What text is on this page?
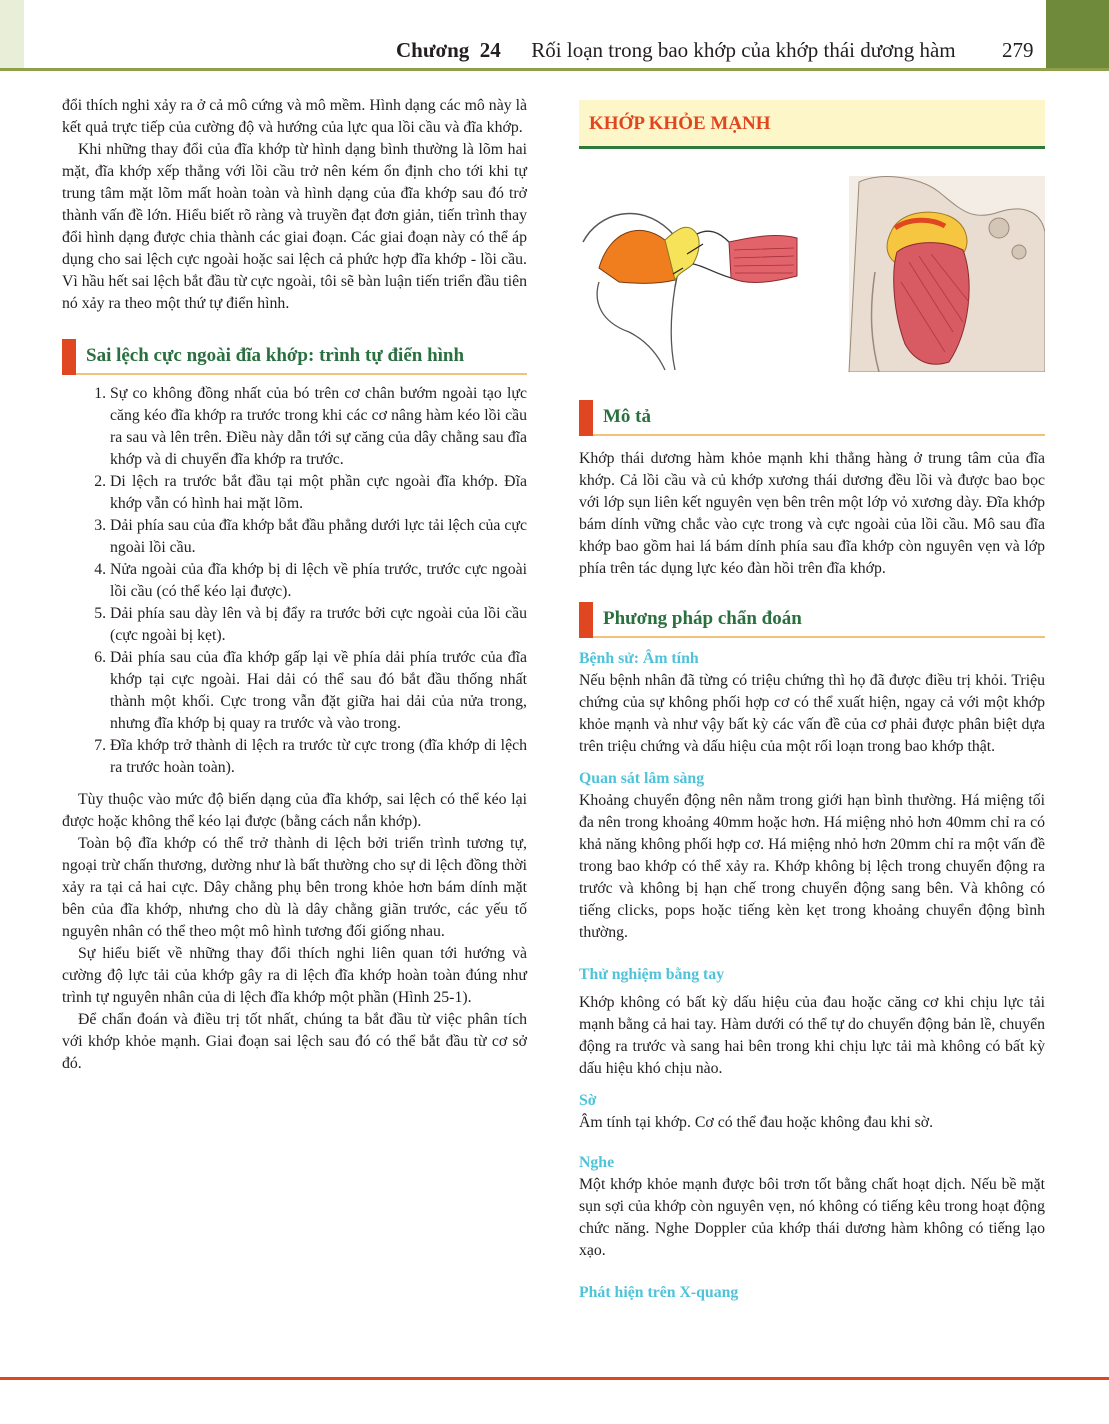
Chương 24 Rối loạn trong bao khớp của khớp thái dương hàm 279

đổi thích nghi xảy ra ở cả mô cứng và mô mềm. Hình dạng các mô này là kết quả trực tiếp của cường độ và hướng của lực qua lồi cầu và đĩa khớp.

Khi những thay đổi của đĩa khớp từ hình dạng bình thường là lõm hai mặt, đĩa khớp xếp thẳng với lồi cầu trở nên kém ổn định cho tới khi tự trung tâm mặt lõm mất hoàn toàn và hình dạng của đĩa khớp sau đó trở thành vấn đề lớn. Hiểu biết rõ ràng và truyền đạt đơn giản, tiến trình thay đổi hình dạng được chia thành các giai đoạn. Các giai đoạn này có thể áp dụng cho sai lệch cực ngoài hoặc sai lệch cả phức hợp đĩa khớp - lồi cầu. Vì hầu hết sai lệch bắt đầu từ cực ngoài, tôi sẽ bàn luận tiến triển đầu tiên nó xảy ra theo một thứ tự điển hình.

Sai lệch cực ngoài đĩa khớp: trình tự điển hình
1. Sự co không đồng nhất của bó trên cơ chân bướm ngoài tạo lực căng kéo đĩa khớp ra trước trong khi các cơ nâng hàm kéo lồi cầu ra sau và lên trên. Điều này dẫn tới sự căng của dây chằng sau đĩa khớp và di chuyển đĩa khớp ra trước.
2. Di lệch ra trước bắt đầu tại một phần cực ngoài đĩa khớp. Đĩa khớp vẫn có hình hai mặt lõm.
3. Dải phía sau của đĩa khớp bắt đầu phẳng dưới lực tải lệch của cực ngoài lồi cầu.
4. Nửa ngoài của đĩa khớp bị di lệch về phía trước, trước cực ngoài lồi cầu (có thể kéo lại được).
5. Dải phía sau dày lên và bị đẩy ra trước bởi cực ngoài của lồi cầu (cực ngoài bị kẹt).
6. Dải phía sau của đĩa khớp gấp lại về phía dải phía trước của đĩa khớp tại cực ngoài. Hai dải có thể sau đó bắt đầu thống nhất thành một khối. Cực trong vẫn đặt giữa hai dải của nửa trong, nhưng đĩa khớp bị quay ra trước và vào trong.
7. Đĩa khớp trở thành di lệch ra trước từ cực trong (đĩa khớp di lệch ra trước hoàn toàn).

Tùy thuộc vào mức độ biến dạng của đĩa khớp, sai lệch có thể kéo lại được hoặc không thể kéo lại được (bằng cách nắn khớp).

Toàn bộ đĩa khớp có thể trở thành di lệch bởi triển trình tương tự, ngoại trừ chấn thương, dường như là bất thường cho sự di lệch đồng thời xảy ra tại cả hai cực. Dây chằng phụ bên trong khỏe hơn bám dính mặt bên của đĩa khớp, nhưng cho dù là dây chằng giãn trước, các yếu tố nguyên nhân có thể theo một mô hình tương đối giống nhau.

Sự hiểu biết về những thay đổi thích nghi liên quan tới hướng và cường độ lực tải của khớp gây ra di lệch đĩa khớp hoàn toàn đúng như trình tự nguyên nhân của di lệch đĩa khớp một phần (Hình 25-1).

Để chẩn đoán và điều trị tốt nhất, chúng ta bắt đầu từ việc phân tích với khớp khỏe mạnh. Giai đoạn sai lệch sau đó có thể bắt đầu từ cơ sở đó.

KHỚP KHỎE MẠNH
Mô tả

Khớp thái dương hàm khỏe mạnh khi thẳng hàng ở trung tâm của đĩa khớp. Cả lồi cầu và củ khớp xương thái dương đều lồi và được bao bọc với lớp sụn liên kết nguyên vẹn bên trên một lớp vỏ xương dày. Đĩa khớp bám dính vững chắc vào cực trong và cực ngoài của lồi cầu. Mô sau đĩa khớp bao gồm hai lá bám dính phía sau đĩa khớp còn nguyên vẹn và lớp phía trên tác dụng lực kéo đàn hồi trên đĩa khớp.

Phương pháp chẩn đoán
Bệnh sử: Âm tính

Nếu bệnh nhân đã từng có triệu chứng thì họ đã được điều trị khỏi. Triệu chứng của sự không phối hợp cơ có thể xuất hiện, ngay cả với một khớp khỏe mạnh và như vậy bất kỳ các vấn đề của cơ phải được phân biệt dựa trên triệu chứng và dấu hiệu của một rối loạn trong bao khớp thật.

Quan sát lâm sàng

Khoảng chuyển động nên nằm trong giới hạn bình thường. Há miệng tối đa nên trong khoảng 40mm hoặc hơn. Há miệng nhỏ hơn 40mm chỉ ra có khả năng không phối hợp cơ. Há miệng nhỏ hơn 20mm chỉ ra một vấn đề trong bao khớp có thể xảy ra. Khớp không bị lệch trong chuyển động ra trước và không bị hạn chế trong chuyển động sang bên. Và không có tiếng clicks, pops hoặc tiếng kèn kẹt trong khoảng chuyển động bình thường.

Thử nghiệm bằng tay

Khớp không có bất kỳ dấu hiệu của đau hoặc căng cơ khi chịu lực tải mạnh bằng cả hai tay. Hàm dưới có thể tự do chuyển động bản lề, chuyển động ra trước và sang hai bên trong khi chịu lực tải mà không có bất kỳ dấu hiệu khó chịu nào.

Sờ

Âm tính tại khớp. Cơ có thể đau hoặc không đau khi sờ.

Nghe

Một khớp khỏe mạnh được bôi trơn tốt bằng chất hoạt dịch. Nếu bề mặt sụn sợi của khớp còn nguyên vẹn, nó không có tiếng kêu trong hoạt động chức năng. Nghe Doppler của khớp thái dương hàm không có tiếng lạo xạo.

Phát hiện trên X-quang
